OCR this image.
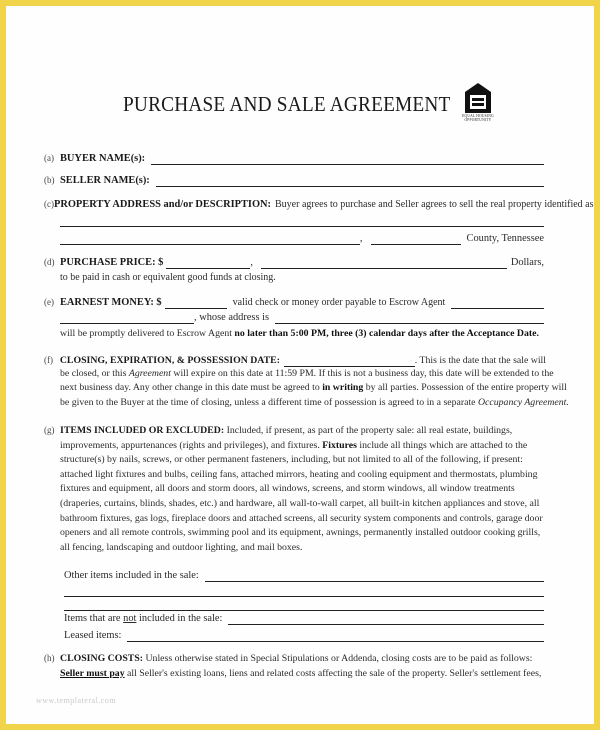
PURCHASE AND SALE AGREEMENT	EQUAL HOUSING OPPORTUNITY
(a) BUYER NAME(s):
(b) SELLER NAME(s):
(c) PROPERTY ADDRESS and/or DESCRIPTION: Buyer agrees to purchase and Seller agrees to sell the real property identified as
,	County, Tennessee
(d) PURCHASE PRICE: $	,	Dollars,
to be paid in cash or equivalent good funds at closing.
(e) EARNEST MONEY: $	valid check or money order payable to Escrow Agent
, whose address is
will be promptly delivered to Escrow Agent no later than 5:00 PM, three (3) calendar days after the Acceptance Date.
(f) CLOSING, EXPIRATION, & POSSESSION DATE:	. This is the date that the sale will
be closed, or this Agreement will expire on this date at 11:59 PM. If this is not a business day, this date will be extended to the
next business day. Any other change in this date must be agreed to in writing by all parties. Possession of the entire property will
be given to the Buyer at the time of closing, unless a different time of possession is agreed to in a separate Occupancy Agreement.
(g) ITEMS INCLUDED OR EXCLUDED: Included, if present, as part of the property sale: all real estate, buildings,
improvements, appurtenances (rights and privileges), and fixtures. Fixtures include all things which are attached to the
structure(s) by nails, screws, or other permanent fasteners, including, but not limited to all of the following, if present:
attached light fixtures and bulbs, ceiling fans, attached mirrors, heating and cooling equipment and thermostats, plumbing
fixtures and equipment, all doors and storm doors, all windows, screens, and storm windows, all window treatments
(draperies, curtains, blinds, shades, etc.) and hardware, all wall-to-wall carpet, all built-in kitchen appliances and stove, all
bathroom fixtures, gas logs, fireplace doors and attached screens, all security system components and controls, garage door
openers and all remote controls, swimming pool and its equipment, awnings, permanently installed outdoor cooking grills,
all fencing, landscaping and outdoor lighting, and mail boxes.
Other items included in the sale:
Items that are not included in the sale:
Leased items:
(h) CLOSING COSTS: Unless otherwise stated in Special Stipulations or Addenda, closing costs are to be paid as follows:
Seller must pay all Seller's existing loans, liens and related costs affecting the sale of the property. Seller's settlement fees,
www.templateral.com
